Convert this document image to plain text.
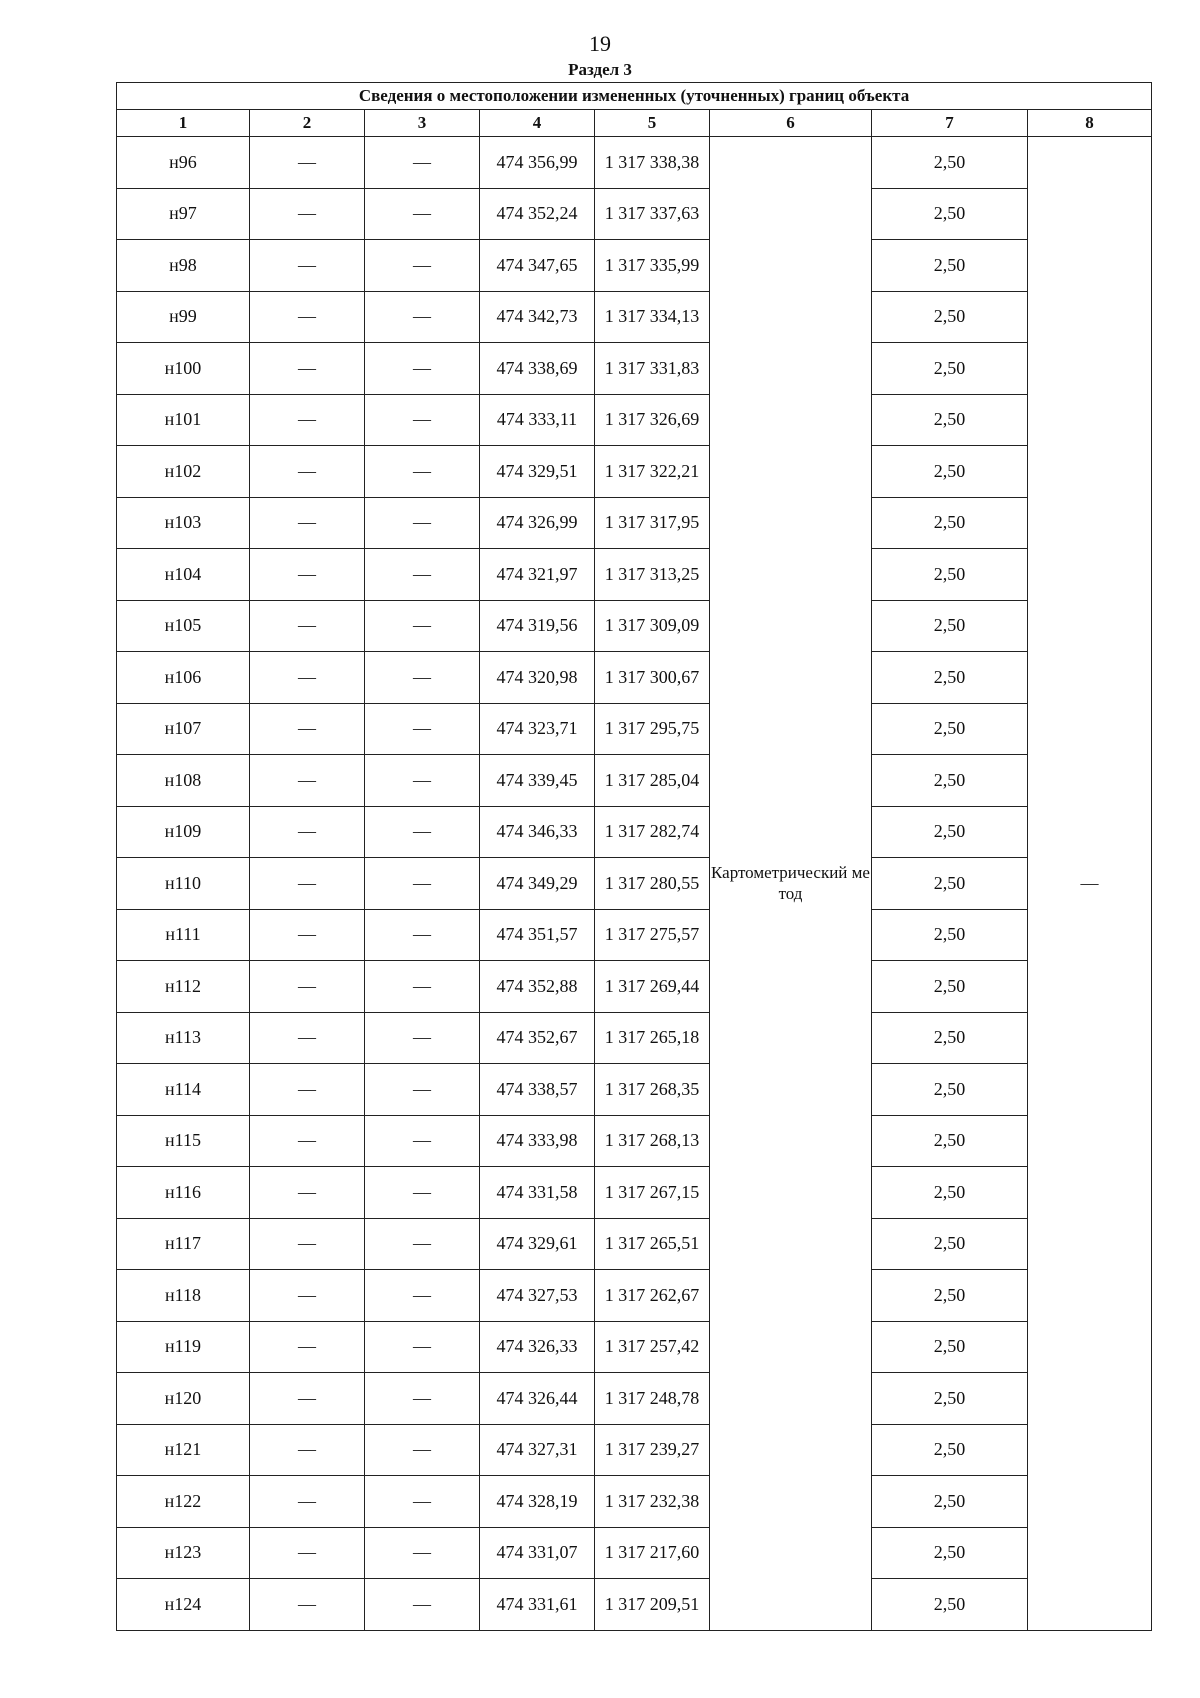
19
Раздел 3
Сведения о местоположении измененных (уточненных) границ объекта							
1	2	3	4	5	6	7	8
н96	—	—	474 356,99	1 317 338,38	Картометрический метод	2,50	—
н97	—	—	474 352,24	1 317 337,63		2,50	
н98	—	—	474 347,65	1 317 335,99		2,50	
н99	—	—	474 342,73	1 317 334,13		2,50	
н100	—	—	474 338,69	1 317 331,83		2,50	
н101	—	—	474 333,11	1 317 326,69		2,50	
н102	—	—	474 329,51	1 317 322,21		2,50	
н103	—	—	474 326,99	1 317 317,95		2,50	
н104	—	—	474 321,97	1 317 313,25		2,50	
н105	—	—	474 319,56	1 317 309,09		2,50	
н106	—	—	474 320,98	1 317 300,67		2,50	
н107	—	—	474 323,71	1 317 295,75		2,50	
н108	—	—	474 339,45	1 317 285,04		2,50	
н109	—	—	474 346,33	1 317 282,74		2,50	
н110	—	—	474 349,29	1 317 280,55		2,50	
н111	—	—	474 351,57	1 317 275,57		2,50	
н112	—	—	474 352,88	1 317 269,44		2,50	
н113	—	—	474 352,67	1 317 265,18		2,50	
н114	—	—	474 338,57	1 317 268,35		2,50	
н115	—	—	474 333,98	1 317 268,13		2,50	
н116	—	—	474 331,58	1 317 267,15		2,50	
н117	—	—	474 329,61	1 317 265,51		2,50	
н118	—	—	474 327,53	1 317 262,67		2,50	
н119	—	—	474 326,33	1 317 257,42		2,50	
н120	—	—	474 326,44	1 317 248,78		2,50	
н121	—	—	474 327,31	1 317 239,27		2,50	
н122	—	—	474 328,19	1 317 232,38		2,50	
н123	—	—	474 331,07	1 317 217,60		2,50	
н124	—	—	474 331,61	1 317 209,51		2,50	
